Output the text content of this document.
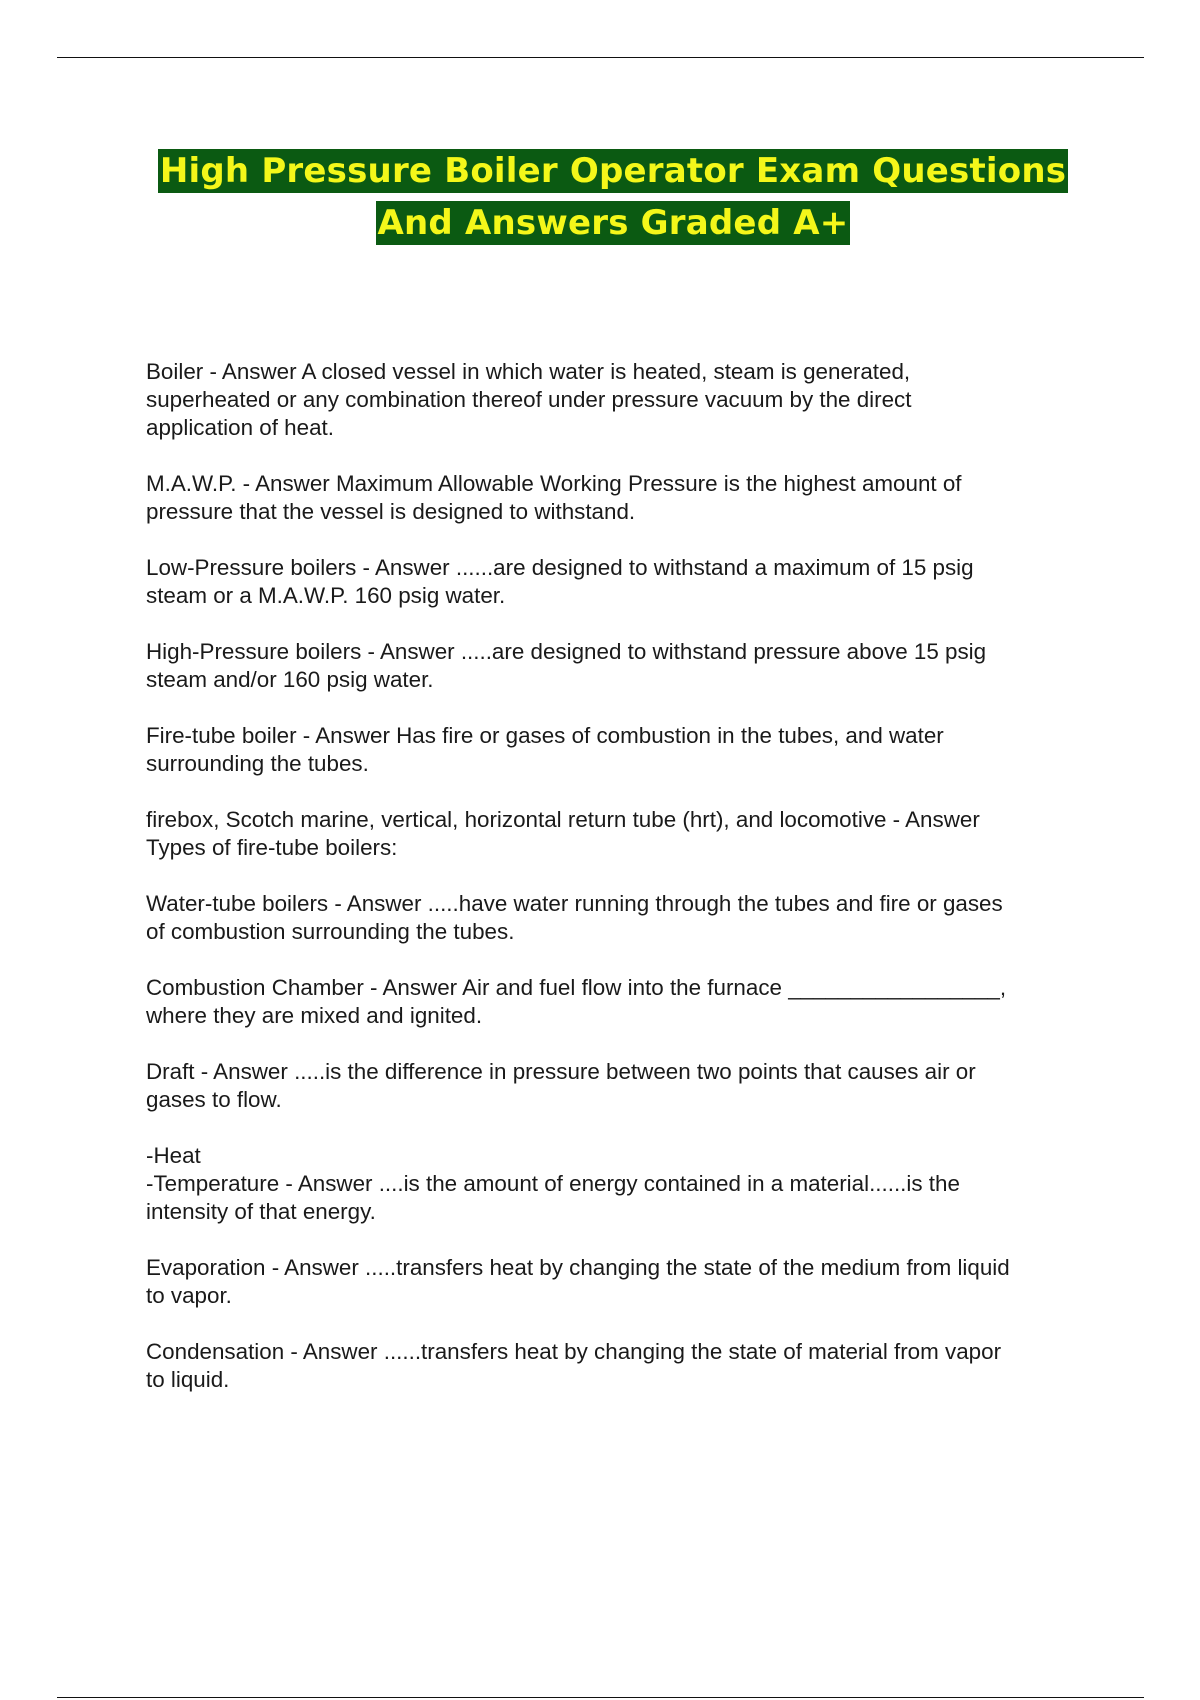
High Pressure Boiler Operator Exam Questions
And Answers Graded A+
Boiler - Answer A closed vessel in which water is heated, steam is generated,
superheated or any combination thereof under pressure vacuum by the direct
application of heat.
M.A.W.P. - Answer Maximum Allowable Working Pressure is the highest amount of
pressure that the vessel is designed to withstand.
Low-Pressure boilers - Answer ......are designed to withstand a maximum of 15 psig
steam or a M.A.W.P. 160 psig water.
High-Pressure boilers - Answer .....are designed to withstand pressure above 15 psig
steam and/or 160 psig water.
Fire-tube boiler - Answer Has fire or gases of combustion in the tubes, and water
surrounding the tubes.
firebox, Scotch marine, vertical, horizontal return tube (hrt), and locomotive - Answer
Types of fire-tube boilers:
Water-tube boilers - Answer .....have water running through the tubes and fire or gases
of combustion surrounding the tubes.
Combustion Chamber - Answer Air and fuel flow into the furnace _________________,
where they are mixed and ignited.
Draft - Answer .....is the difference in pressure between two points that causes air or
gases to flow.
-Heat
-Temperature - Answer ....is the amount of energy contained in a material......is the
intensity of that energy.
Evaporation - Answer .....transfers heat by changing the state of the medium from liquid
to vapor.
Condensation - Answer ......transfers heat by changing the state of material from vapor
to liquid.
